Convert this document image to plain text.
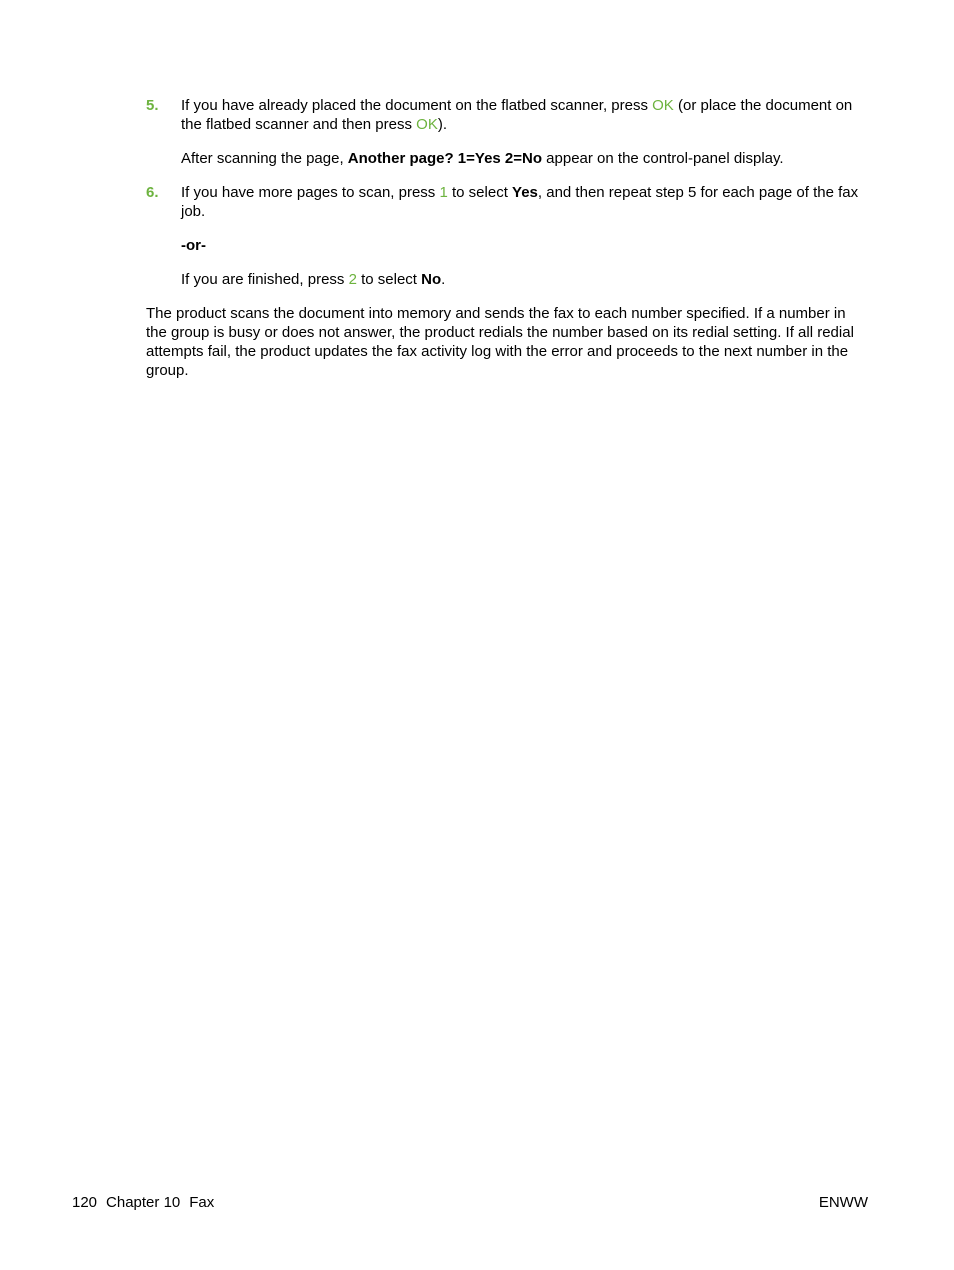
5. If you have already placed the document on the flatbed scanner, press OK (or place the document on the flatbed scanner and then press OK).

After scanning the page, Another page? 1=Yes 2=No appear on the control-panel display.

6. If you have more pages to scan, press 1 to select Yes, and then repeat step 5 for each page of the fax job.

-or-

If you are finished, press 2 to select No.

The product scans the document into memory and sends the fax to each number specified. If a number in the group is busy or does not answer, the product redials the number based on its redial setting. If all redial attempts fail, the product updates the fax activity log with the error and proceeds to the next number in the group.

120 Chapter 10 Fax	ENWW
